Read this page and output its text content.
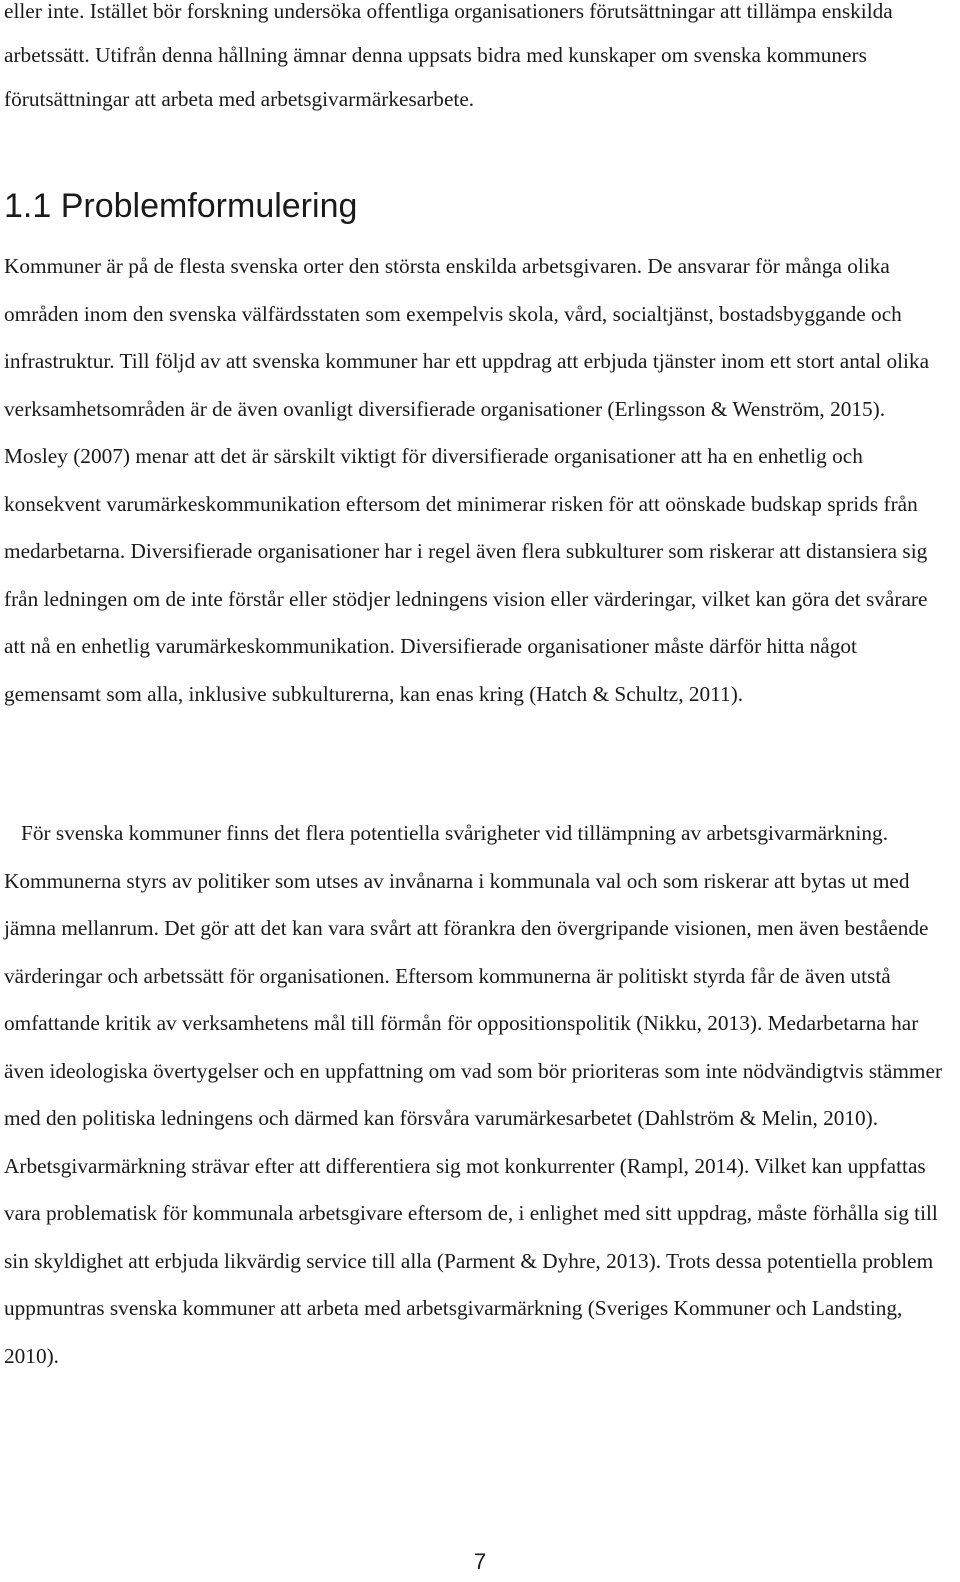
eller inte. Istället bör forskning undersöka offentliga organisationers förutsättningar att tillämpa enskilda arbetssätt. Utifrån denna hållning ämnar denna uppsats bidra med kunskaper om svenska kommuners förutsättningar att arbeta med arbetsgivarmärkesarbete.

1.1 Problemformulering

Kommuner är på de flesta svenska orter den största enskilda arbetsgivaren. De ansvarar för många olika områden inom den svenska välfärdsstaten som exempelvis skola, vård, socialtjänst, bostadsbyggande och infrastruktur. Till följd av att svenska kommuner har ett uppdrag att erbjuda tjänster inom ett stort antal olika verksamhetsområden är de även ovanligt diversifierade organisationer (Erlingsson & Wenström, 2015). Mosley (2007) menar att det är särskilt viktigt för diversifierade organisationer att ha en enhetlig och konsekvent varumärkeskommunikation eftersom det minimerar risken för att oönskade budskap sprids från medarbetarna. Diversifierade organisationer har i regel även flera subkulturer som riskerar att distansiera sig från ledningen om de inte förstår eller stödjer ledningens vision eller värderingar, vilket kan göra det svårare att nå en enhetlig varumärkeskommunikation. Diversifierade organisationer måste därför hitta något gemensamt som alla, inklusive subkulturerna, kan enas kring (Hatch & Schultz, 2011).

För svenska kommuner finns det flera potentiella svårigheter vid tillämpning av arbetsgivarmärkning. Kommunerna styrs av politiker som utses av invånarna i kommunala val och som riskerar att bytas ut med jämna mellanrum. Det gör att det kan vara svårt att förankra den övergripande visionen, men även bestående värderingar och arbetssätt för organisationen. Eftersom kommunerna är politiskt styrda får de även utstå omfattande kritik av verksamhetens mål till förmån för oppositionspolitik (Nikku, 2013). Medarbetarna har även ideologiska övertygelser och en uppfattning om vad som bör prioriteras som inte nödvändigtvis stämmer med den politiska ledningens och därmed kan försvåra varumärkesarbetet (Dahlström & Melin, 2010). Arbetsgivarmärkning strävar efter att differentiera sig mot konkurrenter (Rampl, 2014). Vilket kan uppfattas vara problematisk för kommunala arbetsgivare eftersom de, i enlighet med sitt uppdrag, måste förhålla sig till sin skyldighet att erbjuda likvärdig service till alla (Parment & Dyhre, 2013). Trots dessa potentiella problem uppmuntras svenska kommuner att arbeta med arbetsgivarmärkning (Sveriges Kommuner och Landsting, 2010).

7
